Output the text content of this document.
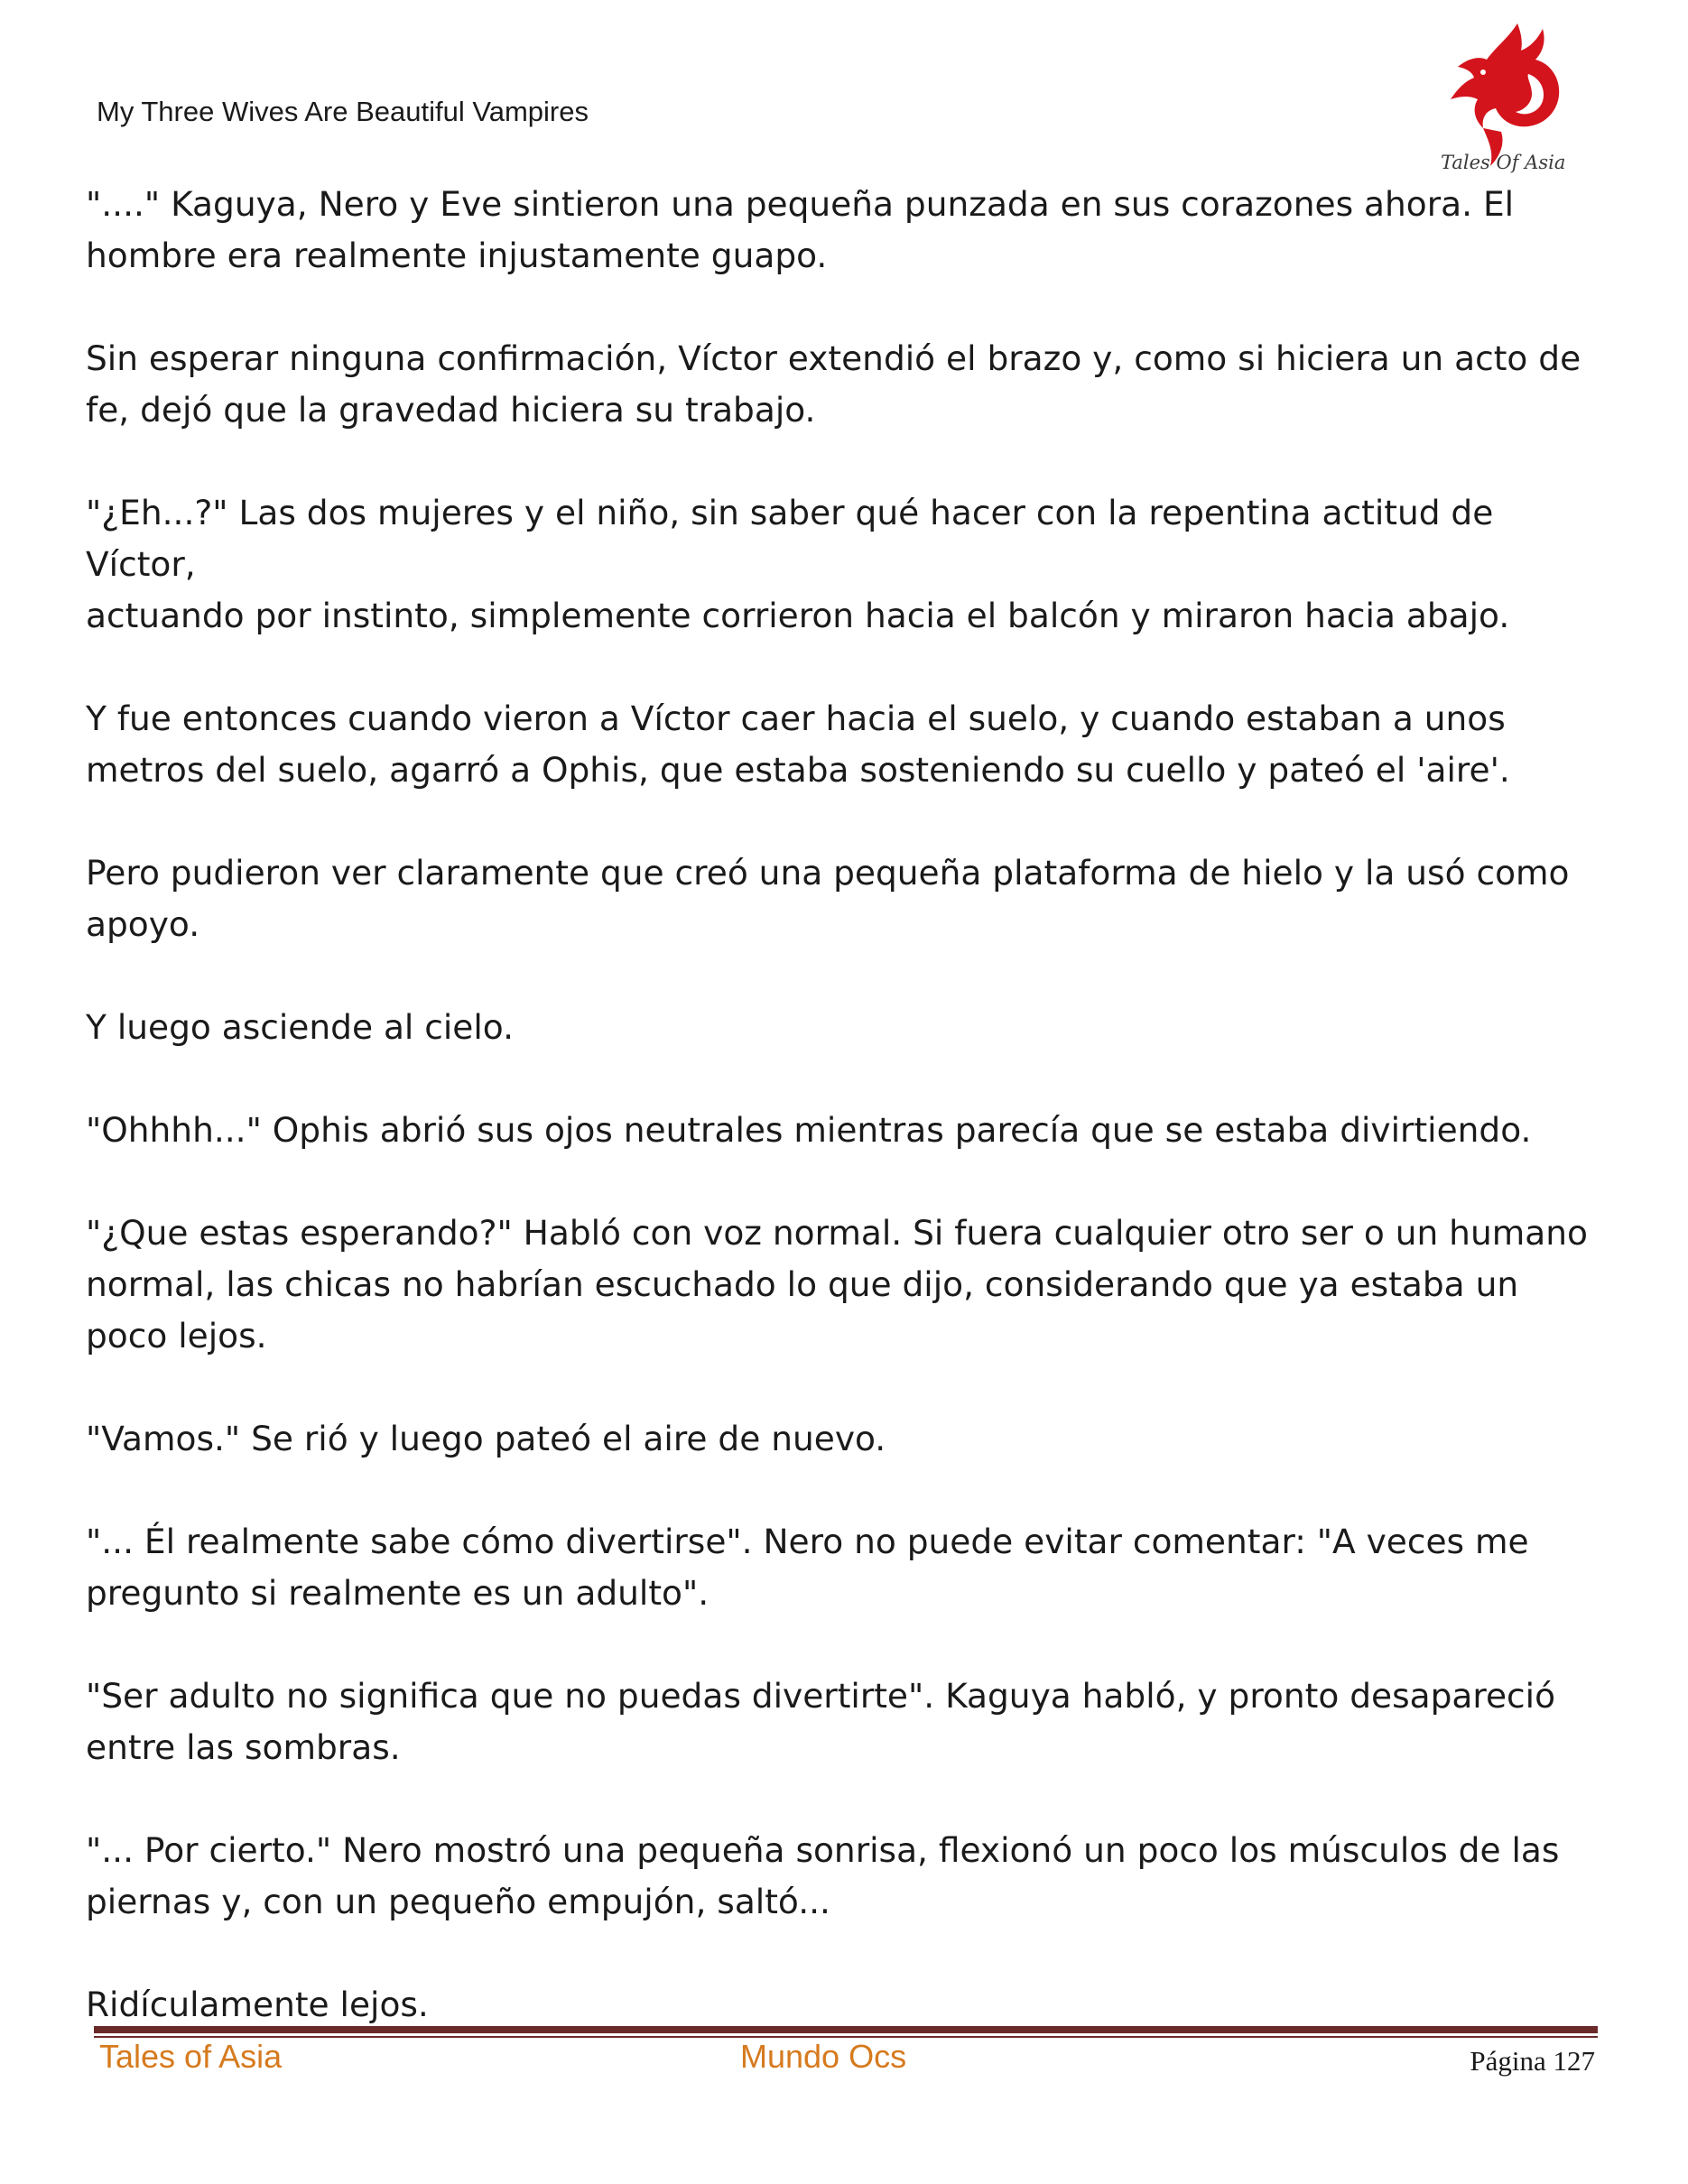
My Three Wives Are Beautiful Vampires
Tales Of Asia

"...." Kaguya, Nero y Eve sintieron una pequeña punzada en sus corazones ahora. El
hombre era realmente injustamente guapo.

Sin esperar ninguna confirmación, Víctor extendió el brazo y, como si hiciera un acto de
fe, dejó que la gravedad hiciera su trabajo.

"¿Eh...?" Las dos mujeres y el niño, sin saber qué hacer con la repentina actitud de Víctor,
actuando por instinto, simplemente corrieron hacia el balcón y miraron hacia abajo.

Y fue entonces cuando vieron a Víctor caer hacia el suelo, y cuando estaban a unos
metros del suelo, agarró a Ophis, que estaba sosteniendo su cuello y pateó el 'aire'.

Pero pudieron ver claramente que creó una pequeña plataforma de hielo y la usó como
apoyo.

Y luego asciende al cielo.

"Ohhhh..." Ophis abrió sus ojos neutrales mientras parecía que se estaba divirtiendo.

"¿Que estas esperando?" Habló con voz normal. Si fuera cualquier otro ser o un humano
normal, las chicas no habrían escuchado lo que dijo, considerando que ya estaba un
poco lejos.

"Vamos." Se rió y luego pateó el aire de nuevo.

"... Él realmente sabe cómo divertirse". Nero no puede evitar comentar: "A veces me
pregunto si realmente es un adulto".

"Ser adulto no significa que no puedas divertirte". Kaguya habló, y pronto desapareció
entre las sombras.

"... Por cierto." Nero mostró una pequeña sonrisa, flexionó un poco los músculos de las
piernas y, con un pequeño empujón, saltó...

Ridículamente lejos.

Tales of Asia	Mundo Ocs	Página 127
